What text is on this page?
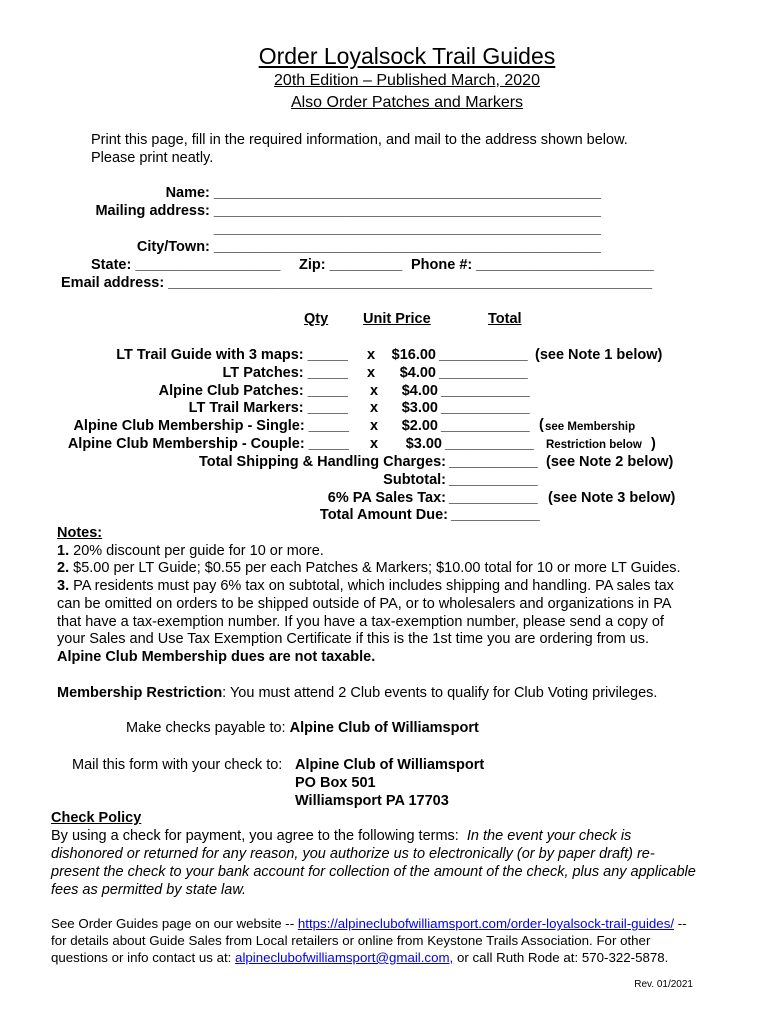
Order Loyalsock Trail Guides
20th Edition – Published March, 2020
Also Order Patches and Markers
Print this page, fill in the required information, and mail to the address shown below.
Please print neatly.
Name: ________________________________________________
Mailing address: ________________________________________________
________________________________________________
City/Town: ________________________________________________
State: __________________ Zip: _________ Phone #: ______________________
Email address: ____________________________________________________________
Qty Unit Price	Total
LT Trail Guide with 3 maps: _____ x	$16.00 ___________ (see Note 1 below)
LT Patches: _____ x	$4.00 ___________
Alpine Club Patches: _____ x	$4.00 ___________
LT Trail Markers: _____ x	$3.00 ___________
Alpine Club Membership - Single: _____ x	$2.00 ___________ ( see Membership
Alpine Club Membership - Couple: _____ x	$3.00 ___________ Restriction below )
Total Shipping & Handling Charges: ___________ (see Note 2 below)
Subtotal: ___________
6% PA Sales Tax: ___________ (see Note 3 below)
Total Amount Due: ___________
Notes:
1. 20% discount per guide for 10 or more.
2. $5.00 per LT Guide; $0.55 per each Patches & Markers; $10.00 total for 10 or more LT Guides.
3. PA residents must pay 6% tax on subtotal, which includes shipping and handling. PA sales tax
can be omitted on orders to be shipped outside of PA, or to wholesalers and organizations in PA
that have a tax-exemption number. If you have a tax-exemption number, please send a copy of
your Sales and Use Tax Exemption Certificate if this is the 1st time you are ordering from us.
Alpine Club Membership dues are not taxable.
Membership Restriction: You must attend 2 Club events to qualify for Club Voting privileges.
Make checks payable to: Alpine Club of Williamsport
Mail this form with your check to: Alpine Club of Williamsport
PO Box 501
Williamsport PA 17703
Check Policy
By using a check for payment, you agree to the following terms: In the event your check is
dishonored or returned for any reason, you authorize us to electronically (or by paper draft) re-
present the check to your bank account for collection of the amount of the check, plus any applicable
fees as permitted by state law.
See Order Guides page on our website -- https://alpineclubofwilliamsport.com/order-loyalsock-trail-guides/ --
for details about Guide Sales from Local retailers or online from Keystone Trails Association. For other
questions or info contact us at: alpineclubofwilliamsport@gmail.com, or call Ruth Rode at: 570-322-5878.
Rev. 01/2021
